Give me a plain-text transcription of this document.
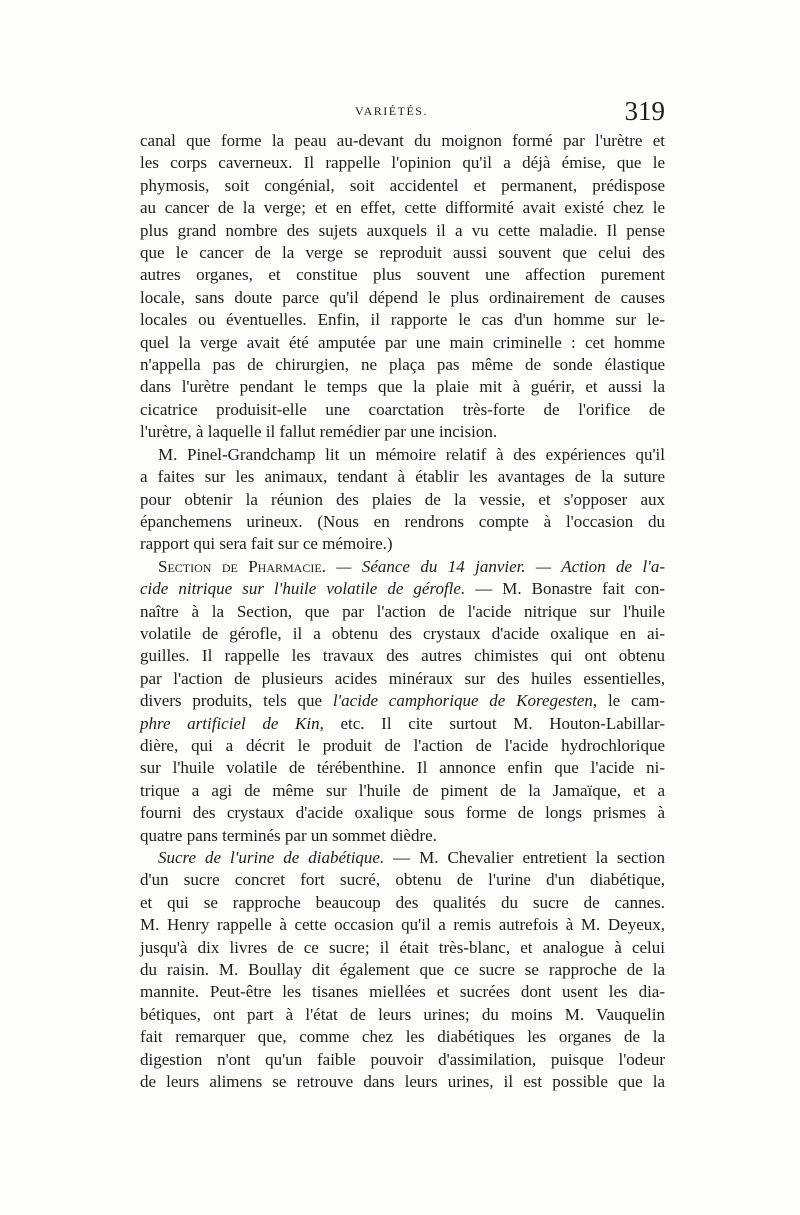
VARIÉTÉS.	319
canal que forme la peau au-devant du moignon formé par l'urètre et
les corps caverneux. Il rappelle l'opinion qu'il a déjà émise, que le
phymosis, soit congénial, soit accidentel et permanent, prédispose
au cancer de la verge; et en effet, cette difformité avait existé chez le
plus grand nombre des sujets auxquels il a vu cette maladie. Il pense
que le cancer de la verge se reproduit aussi souvent que celui des
autres organes, et constitue plus souvent une affection purement
locale, sans doute parce qu'il dépend le plus ordinairement de causes
locales ou éventuelles. Enfin, il rapporte le cas d'un homme sur le-
quel la verge avait été amputée par une main criminelle : cet homme
n'appella pas de chirurgien, ne plaça pas même de sonde élastique
dans l'urètre pendant le temps que la plaie mit à guérir, et aussi la
cicatrice produisit-elle une coarctation très-forte de l'orifice de
l'urètre, à laquelle il fallut remédier par une incision.
M. Pinel-Grandchamp lit un mémoire relatif à des expériences qu'il
a faites sur les animaux, tendant à établir les avantages de la suture
pour obtenir la réunion des plaies de la vessie, et s'opposer aux
épanchemens urineux. (Nous en rendrons compte à l'occasion du
rapport qui sera fait sur ce mémoire.)
Section de Pharmacie. — Séance du 14 janvier. — Action de l'a-
cide nitrique sur l'huile volatile de gérofle. — M. Bonastre fait con-
naître à la Section, que par l'action de l'acide nitrique sur l'huile
volatile de gérofle, il a obtenu des crystaux d'acide oxalique en ai-
guilles. Il rappelle les travaux des autres chimistes qui ont obtenu
par l'action de plusieurs acides minéraux sur des huiles essentielles,
divers produits, tels que l'acide camphorique de Koregesten, le cam-
phre artificiel de Kin, etc. Il cite surtout M. Houton-Labillar-
dière, qui a décrit le produit de l'action de l'acide hydrochlorique
sur l'huile volatile de térébenthine. Il annonce enfin que l'acide ni-
trique a agi de même sur l'huile de piment de la Jamaïque, et a
fourni des crystaux d'acide oxalique sous forme de longs prismes à
quatre pans terminés par un sommet dièdre.
Sucre de l'urine de diabétique. — M. Chevalier entretient la section
d'un sucre concret fort sucré, obtenu de l'urine d'un diabétique,
et qui se rapproche beaucoup des qualités du sucre de cannes.
M. Henry rappelle à cette occasion qu'il a remis autrefois à M. Deyeux,
jusqu'à dix livres de ce sucre; il était très-blanc, et analogue à celui
du raisin. M. Boullay dit également que ce sucre se rapproche de la
mannite. Peut-être les tisanes miellées et sucrées dont usent les dia-
bétiques, ont part à l'état de leurs urines; du moins M. Vauquelin
fait remarquer que, comme chez les diabétiques les organes de la
digestion n'ont qu'un faible pouvoir d'assimilation, puisque l'odeur
de leurs alimens se retrouve dans leurs urines, il est possible que la
